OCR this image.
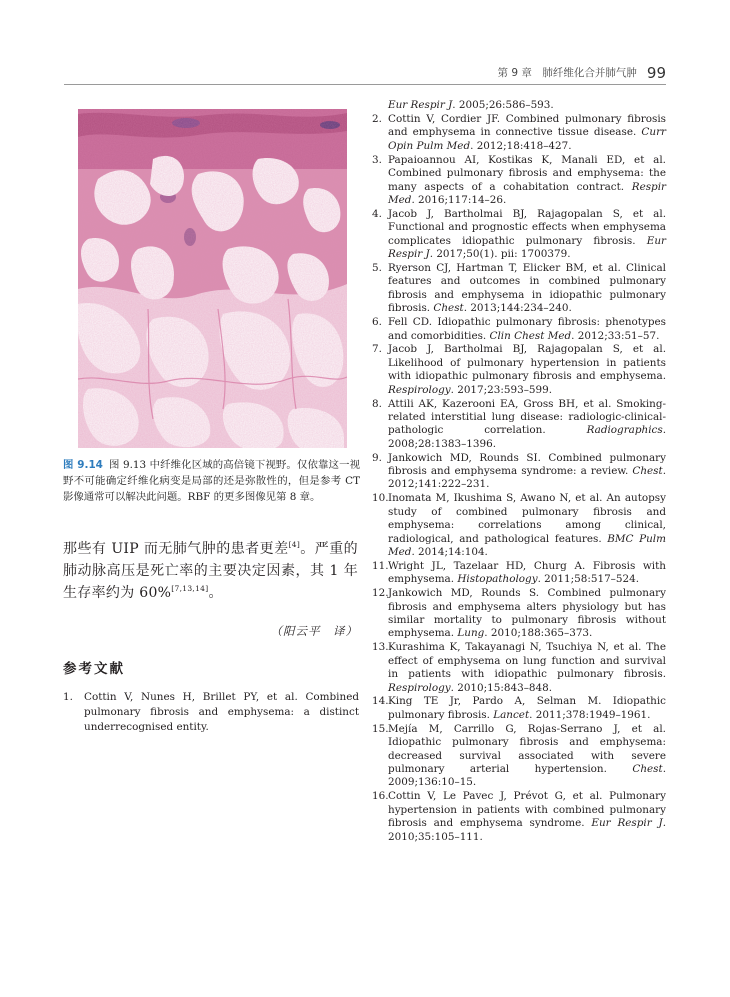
第 9 章　肺纤维化合并肺气肿 99
图 9.14 图 9.13 中纤维化区域的高倍镜下视野。仅依靠这一视野不可能确定纤维化病变是局部的还是弥散性的，但是参考 CT 影像通常可以解决此问题。RBF 的更多图像见第 8 章。
那些有 UIP 而无肺气肿的患者更差[4]。严重的肺动脉高压是死亡率的主要决定因素，其 1 年生存率约为 60%[7,13,14]。
（阳云平　译）
参考文献
1. Cottin V, Nunes H, Brillet PY, et al. Combined pulmonary fibrosis and emphysema: a distinct underrecognised entity.
Eur Respir J. 2005;26:586–593.
2. Cottin V, Cordier JF. Combined pulmonary fibrosis and emphysema in connective tissue disease. Curr Opin Pulm Med. 2012;18:418–427.
3. Papaioannou AI, Kostikas K, Manali ED, et al. Combined pulmonary fibrosis and emphysema: the many aspects of a cohabitation contract. Respir Med. 2016;117:14–26.
4. Jacob J, Bartholmai BJ, Rajagopalan S, et al. Functional and prognostic effects when emphysema complicates idiopathic pulmonary fibrosis. Eur Respir J. 2017;50(1). pii: 1700379.
5. Ryerson CJ, Hartman T, Elicker BM, et al. Clinical features and outcomes in combined pulmonary fibrosis and emphysema in idiopathic pulmonary fibrosis. Chest. 2013;144:234–240.
6. Fell CD. Idiopathic pulmonary fibrosis: phenotypes and comorbidities. Clin Chest Med. 2012;33:51–57.
7. Jacob J, Bartholmai BJ, Rajagopalan S, et al. Likelihood of pulmonary hypertension in patients with idiopathic pulmonary fibrosis and emphysema. Respirology. 2017;23:593–599.
8. Attili AK, Kazerooni EA, Gross BH, et al. Smoking-related interstitial lung disease: radiologic-clinical-pathologic correlation. Radiographics. 2008;28:1383–1396.
9. Jankowich MD, Rounds SI. Combined pulmonary fibrosis and emphysema syndrome: a review. Chest. 2012;141:222–231.
10. Inomata M, Ikushima S, Awano N, et al. An autopsy study of combined pulmonary fibrosis and emphysema: correlations among clinical, radiological, and pathological features. BMC Pulm Med. 2014;14:104.
11. Wright JL, Tazelaar HD, Churg A. Fibrosis with emphysema. Histopathology. 2011;58:517–524.
12. Jankowich MD, Rounds S. Combined pulmonary fibrosis and emphysema alters physiology but has similar mortality to pulmonary fibrosis without emphysema. Lung. 2010;188:365–373.
13. Kurashima K, Takayanagi N, Tsuchiya N, et al. The effect of emphysema on lung function and survival in patients with idiopathic pulmonary fibrosis. Respirology. 2010;15:843–848.
14. King TE Jr, Pardo A, Selman M. Idiopathic pulmonary fibrosis. Lancet. 2011;378:1949–1961.
15. Mejía M, Carrillo G, Rojas-Serrano J, et al. Idiopathic pulmonary fibrosis and emphysema: decreased survival associated with severe pulmonary arterial hypertension. Chest. 2009;136:10–15.
16. Cottin V, Le Pavec J, Prévot G, et al. Pulmonary hypertension in patients with combined pulmonary fibrosis and emphysema syndrome. Eur Respir J. 2010;35:105–111.
